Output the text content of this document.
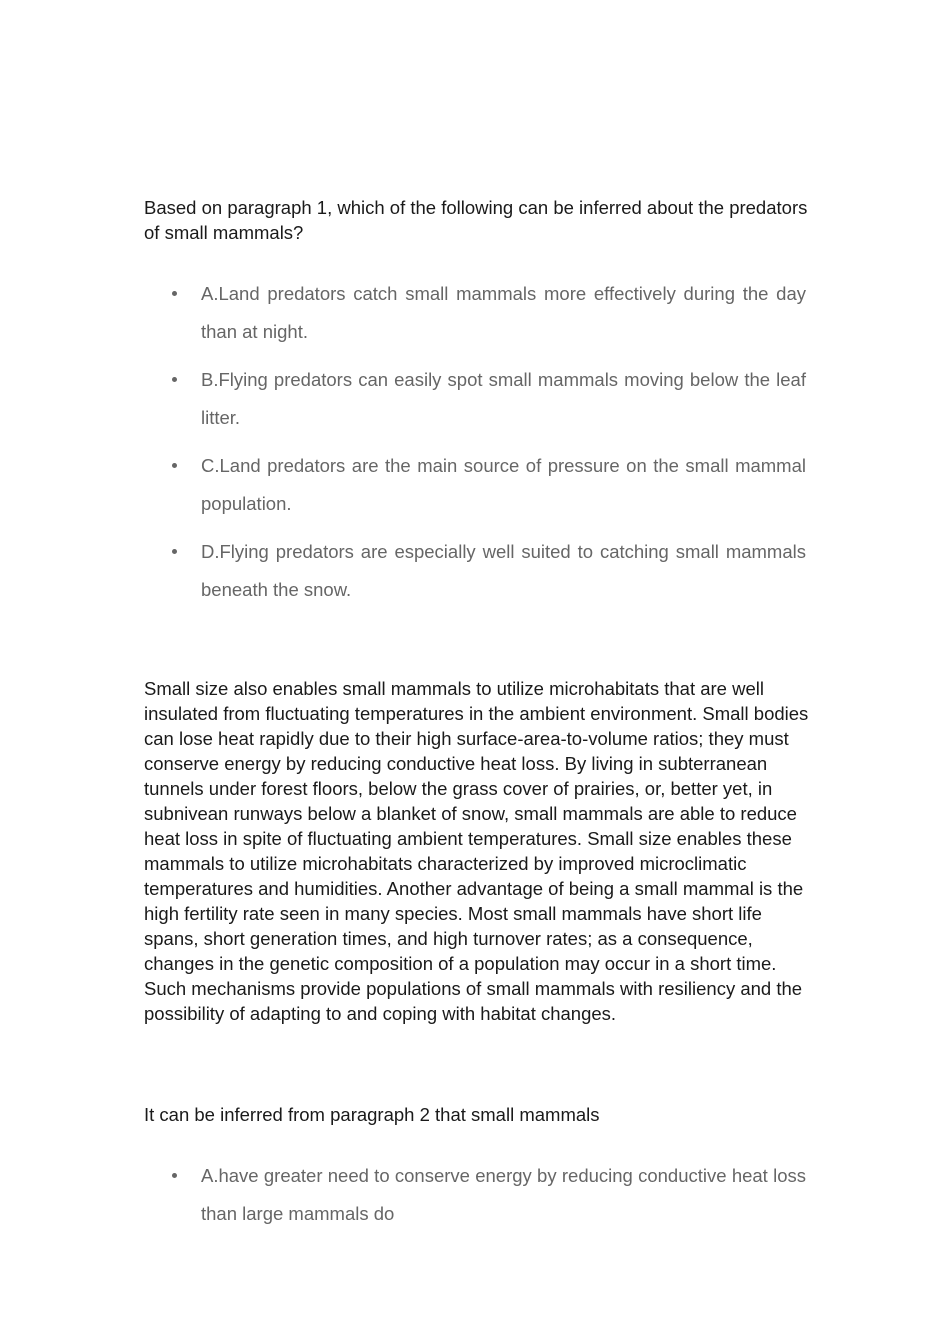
Based on paragraph 1, which of the following can be inferred about the predators of small mammals?
A.Land predators catch small mammals more effectively during the day than at night.
B.Flying predators can easily spot small mammals moving below the leaf litter.
C.Land predators are the main source of pressure on the small mammal population.
D.Flying predators are especially well suited to catching small mammals beneath the snow.
Small size also enables small mammals to utilize microhabitats that are well insulated from fluctuating temperatures in the ambient environment. Small bodies can lose heat rapidly due to their high surface-area-to-volume ratios; they must conserve energy by reducing conductive heat loss. By living in subterranean tunnels under forest floors, below the grass cover of prairies, or, better yet, in subnivean runways below a blanket of snow, small mammals are able to reduce heat loss in spite of fluctuating ambient temperatures. Small size enables these mammals to utilize microhabitats characterized by improved microclimatic temperatures and humidities. Another advantage of being a small mammal is the high fertility rate seen in many species. Most small mammals have short life spans, short generation times, and high turnover rates; as a consequence, changes in the genetic composition of a population may occur in a short time. Such mechanisms provide populations of small mammals with resiliency and the possibility of adapting to and coping with habitat changes.
It can be inferred from paragraph 2 that small mammals
A.have greater need to conserve energy by reducing conductive heat loss than large mammals do
